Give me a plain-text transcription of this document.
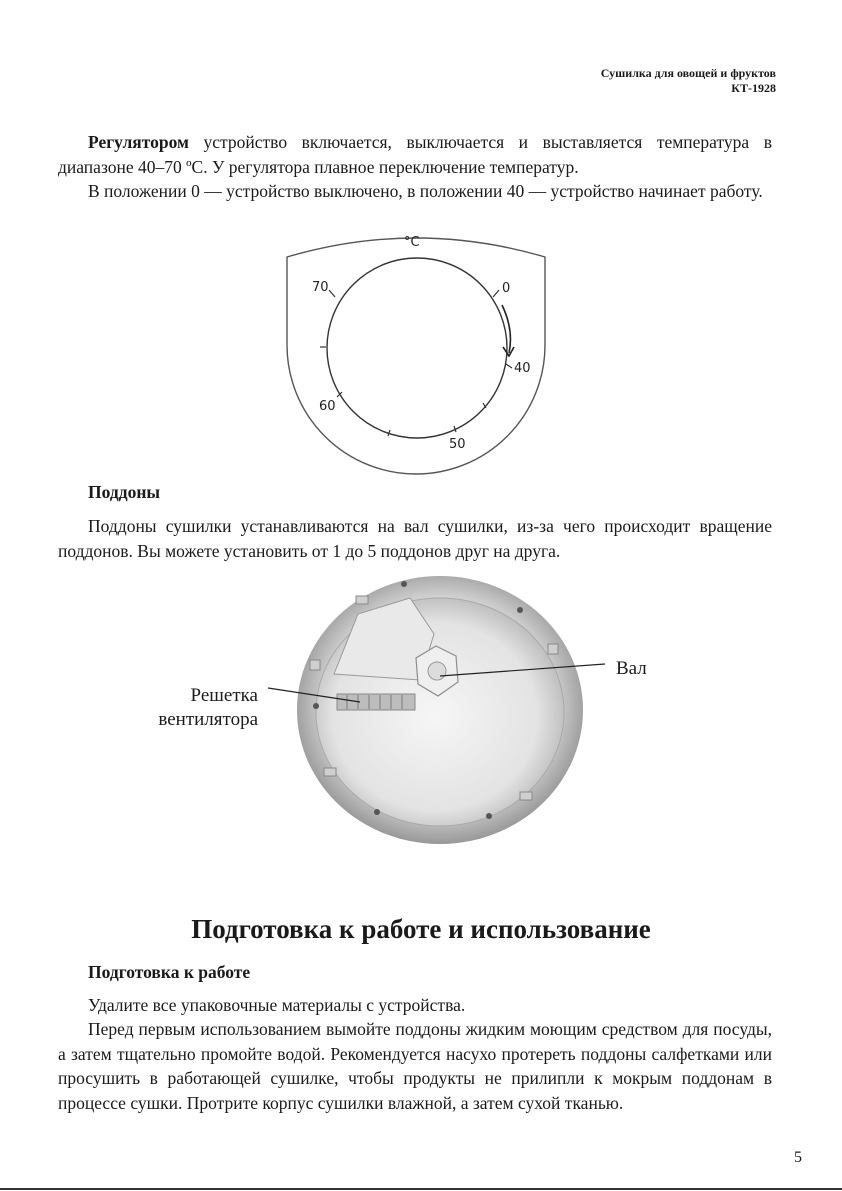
Сушилка для овощей и фруктов
КТ-1928
Регулятором устройство включается, выключается и выставляется температура в диапазоне 40–70 ºC. У регулятора плавное переключение температур.
В положении 0 — устройство выключено, в положении 40 — устройство начинает работу.
°C
70	0
40
60
50
Поддоны
Поддоны сушилки устанавливаются на вал сушилки, из-за чего происходит вращение поддонов. Вы можете установить от 1 до 5 поддонов друг на друга.
Вал
Решетка
вентилятора
Подготовка к работе и использование
Подготовка к работе
Удалите все упаковочные материалы с устройства.
Перед первым использованием вымойте поддоны жидким моющим средством для посуды, а затем тщательно промойте водой. Рекомендуется насухо протереть поддоны салфетками или просушить в работающей сушилке, чтобы продукты не прилипли к мокрым поддонам в процессе сушки. Протрите корпус сушилки влажной, а затем сухой тканью.
5
